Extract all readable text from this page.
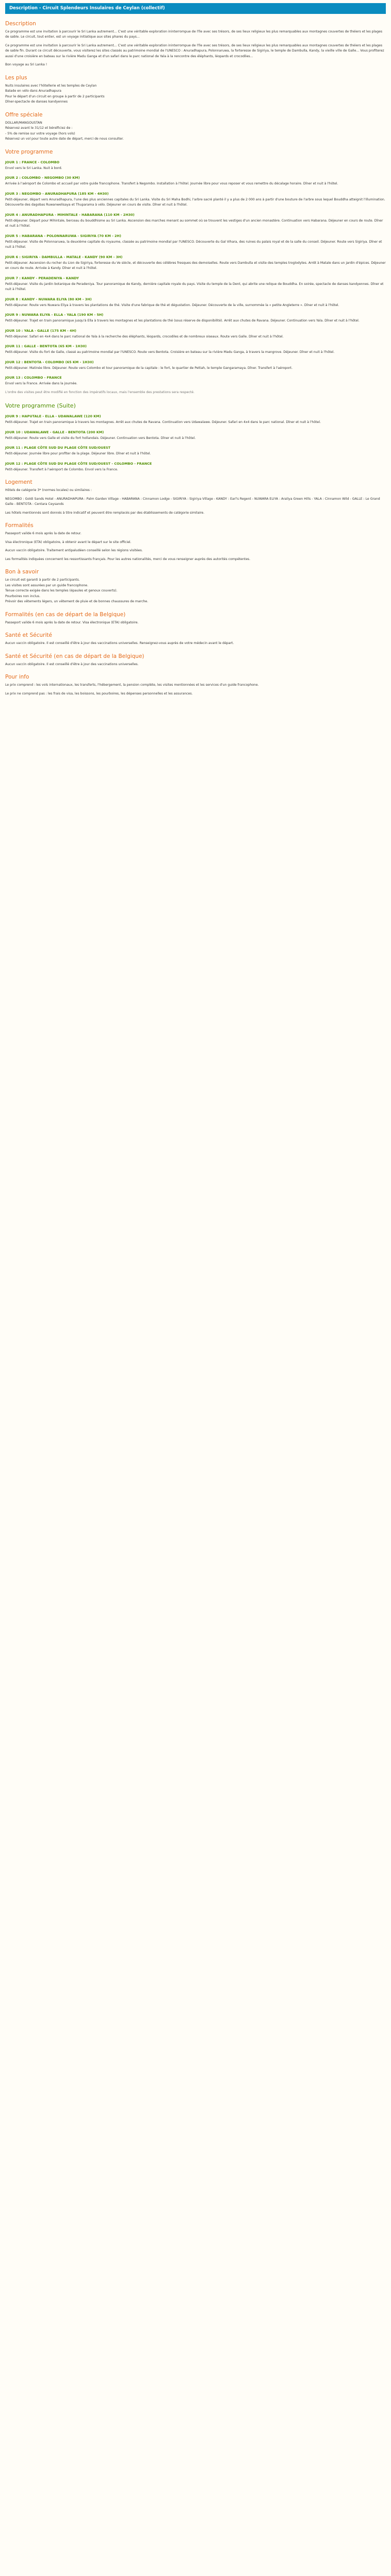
Description - Circuit Splendeurs Insulaires de Ceylan (collectif)
Description

Ce programme est une invitation à parcourir le Sri Lanka autrement... C'est une véritable exploration ininterrompue de l'île avec ses trésors, de ses lieux religieux les plus remarquables aux montagnes couvertes de théiers et les plages de sable. Le circuit, tout entier, est un voyage initiatique aux sites phares du pays...

Ce programme est une invitation à parcourir le Sri Lanka autrement... C'est une véritable exploration ininterrompue de l'île avec ses trésors, de ses lieux religieux les plus remarquables aux montagnes couvertes de théiers et les plages de sable fin. Durant ce circuit découverte, vous visiterez les sites classés au patrimoine mondial de l'UNESCO : Anuradhapura, Polonnaruwa, la forteresse de Sigiriya, le temple de Dambulla, Kandy, la vieille ville de Galle... Vous profiterez aussi d'une croisière en bateau sur la rivière Madu Ganga et d'un safari dans le parc national de Yala à la rencontre des éléphants, léopards et crocodiles...

Bon voyage au Sri Lanka !

Les plus
Nuits insulaires avec l'hôtellerie et les temples de Ceylan
Balade en vélo dans Anuradhapura
Pour le départ d'un circuit en groupe à partir de 2 participants
Dîner-spectacle de danses kandyennes
Offre spéciale
DOLLAR/MANGOUSTAN
Réservez avant le 31/12 et bénéficiez de :
- 5% de remise sur votre voyage (hors vols)
Réservez un vol pour toute autre date de départ, merci de nous consulter.
Votre programme
JOUR 1 : FRANCE - COLOMBO

Envol vers le Sri Lanka. Nuit à bord.

JOUR 2 : COLOMBO - NEGOMBO (30 KM)

Arrivée à l'aéroport de Colombo et accueil par votre guide francophone. Transfert à Negombo. Installation à l'hôtel. Journée libre pour vous reposer et vous remettre du décalage horaire. Dîner et nuit à l'hôtel.

JOUR 3 : NEGOMBO - ANURADHAPURA (185 KM - 4H30)

Petit-déjeuner, départ vers Anuradhapura, l'une des plus anciennes capitales du Sri Lanka. Visite du Sri Maha Bodhi, l'arbre sacré planté il y a plus de 2 000 ans à partir d'une bouture de l'arbre sous lequel Bouddha atteignit l'illumination. Découverte des dagobas Ruwanwelisaya et Thuparama à vélo. Déjeuner en cours de visite. Dîner et nuit à l'hôtel.

JOUR 4 : ANURADHAPURA - MIHINTALE - HABARANA (110 KM - 2H30)

Petit-déjeuner. Départ pour Mihintale, berceau du bouddhisme au Sri Lanka. Ascension des marches menant au sommet où se trouvent les vestiges d'un ancien monastère. Continuation vers Habarana. Déjeuner en cours de route. Dîner et nuit à l'hôtel.

JOUR 5 : HABARANA - POLONNARUWA - SIGIRIYA (70 KM - 2H)

Petit-déjeuner. Visite de Polonnaruwa, la deuxième capitale du royaume, classée au patrimoine mondial par l'UNESCO. Découverte du Gal Vihara, des ruines du palais royal et de la salle du conseil. Déjeuner. Route vers Sigiriya. Dîner et nuit à l'hôtel.

JOUR 6 : SIGIRIYA - DAMBULLA - MATALE - KANDY (90 KM - 3H)

Petit-déjeuner. Ascension du rocher du Lion de Sigiriya, forteresse du Ve siècle, et découverte des célèbres fresques des demoiselles. Route vers Dambulla et visite des temples troglodytes. Arrêt à Matale dans un jardin d'épices. Déjeuner en cours de route. Arrivée à Kandy. Dîner et nuit à l'hôtel.

JOUR 7 : KANDY - PERADENIYA - KANDY

Petit-déjeuner. Visite du jardin botanique de Peradeniya. Tour panoramique de Kandy, dernière capitale royale du pays. Visite du temple de la Dent, qui abrite une relique de Bouddha. En soirée, spectacle de danses kandyennes. Dîner et nuit à l'hôtel.

JOUR 8 : KANDY - NUWARA ELIYA (80 KM - 3H)

Petit-déjeuner. Route vers Nuwara Eliya à travers les plantations de thé. Visite d'une fabrique de thé et dégustation. Déjeuner. Découverte de la ville, surnommée la « petite Angleterre ». Dîner et nuit à l'hôtel.

JOUR 9 : NUWARA ELIYA - ELLA - YALA (190 KM - 5H)

Petit-déjeuner. Trajet en train panoramique jusqu'à Ella à travers les montagnes et les plantations de thé (sous réserve de disponibilité). Arrêt aux chutes de Ravana. Déjeuner. Continuation vers Yala. Dîner et nuit à l'hôtel.

JOUR 10 : YALA - GALLE (175 KM - 4H)

Petit-déjeuner. Safari en 4x4 dans le parc national de Yala à la recherche des éléphants, léopards, crocodiles et de nombreux oiseaux. Route vers Galle. Dîner et nuit à l'hôtel.

JOUR 11 : GALLE - BENTOTA (65 KM - 1H30)

Petit-déjeuner. Visite du fort de Galle, classé au patrimoine mondial par l'UNESCO. Route vers Bentota. Croisière en bateau sur la rivière Madu Ganga, à travers la mangrove. Déjeuner. Dîner et nuit à l'hôtel.

JOUR 12 : BENTOTA - COLOMBO (65 KM - 1H30)

Petit-déjeuner. Matinée libre. Déjeuner. Route vers Colombo et tour panoramique de la capitale : le fort, le quartier de Pettah, le temple Gangaramaya. Dîner. Transfert à l'aéroport.

JOUR 13 : COLOMBO - FRANCE

Envol vers la France. Arrivée dans la journée.

L'ordre des visites peut être modifié en fonction des impératifs locaux, mais l'ensemble des prestations sera respecté.

Votre programme (Suite)
JOUR 9 : HAPUTALE - ELLA - UDAWALAWE (120 KM)

Petit-déjeuner. Trajet en train panoramique à travers les montagnes. Arrêt aux chutes de Ravana. Continuation vers Udawalawe. Déjeuner. Safari en 4x4 dans le parc national. Dîner et nuit à l'hôtel.

JOUR 10 : UDAWALAWE - GALLE - BENTOTA (200 KM)

Petit-déjeuner. Route vers Galle et visite du fort hollandais. Déjeuner. Continuation vers Bentota. Dîner et nuit à l'hôtel.

JOUR 11 : PLAGE CÔTE SUD DU PLAGE CÔTE SUD/OUEST

Petit-déjeuner. Journée libre pour profiter de la plage. Déjeuner libre. Dîner et nuit à l'hôtel.

JOUR 12 : PLAGE CÔTE SUD DU PLAGE CÔTE SUD/OUEST - COLOMBO - FRANCE

Petit-déjeuner. Transfert à l'aéroport de Colombo. Envol vers la France.

Logement

Hôtels de catégorie 3* (normes locales) ou similaires :

NEGOMBO : Goldi Sands Hotel - ANURADHAPURA : Palm Garden Village - HABARANA : Cinnamon Lodge - SIGIRIYA : Sigiriya Village - KANDY : Earl's Regent - NUWARA ELIYA : Araliya Green Hills - YALA : Cinnamon Wild - GALLE : Le Grand Galle - BENTOTA : Centara Ceysands

Les hôtels mentionnés sont donnés à titre indicatif et peuvent être remplacés par des établissements de catégorie similaire.

Formalités

Passeport valide 6 mois après la date de retour.

Visa électronique (ETA) obligatoire, à obtenir avant le départ sur le site officiel.

Aucun vaccin obligatoire. Traitement antipaludéen conseillé selon les régions visitées.

Les formalités indiquées concernent les ressortissants français. Pour les autres nationalités, merci de vous renseigner auprès des autorités compétentes.

Bon à savoir
Le circuit est garanti à partir de 2 participants.
Les visites sont assurées par un guide francophone.
Tenue correcte exigée dans les temples (épaules et genoux couverts).
Pourboires non inclus.
Prévoir des vêtements légers, un vêtement de pluie et de bonnes chaussures de marche.
Formalités (en cas de départ de la Belgique)

Passeport valide 6 mois après la date de retour. Visa électronique (ETA) obligatoire.

Santé et Sécurité

Aucun vaccin obligatoire. Il est conseillé d'être à jour des vaccinations universelles. Renseignez-vous auprès de votre médecin avant le départ.

Santé et Sécurité (en cas de départ de la Belgique)

Aucun vaccin obligatoire. Il est conseillé d'être à jour des vaccinations universelles.

Pour info

Le prix comprend : les vols internationaux, les transferts, l'hébergement, la pension complète, les visites mentionnées et les services d'un guide francophone.

Le prix ne comprend pas : les frais de visa, les boissons, les pourboires, les dépenses personnelles et les assurances.
